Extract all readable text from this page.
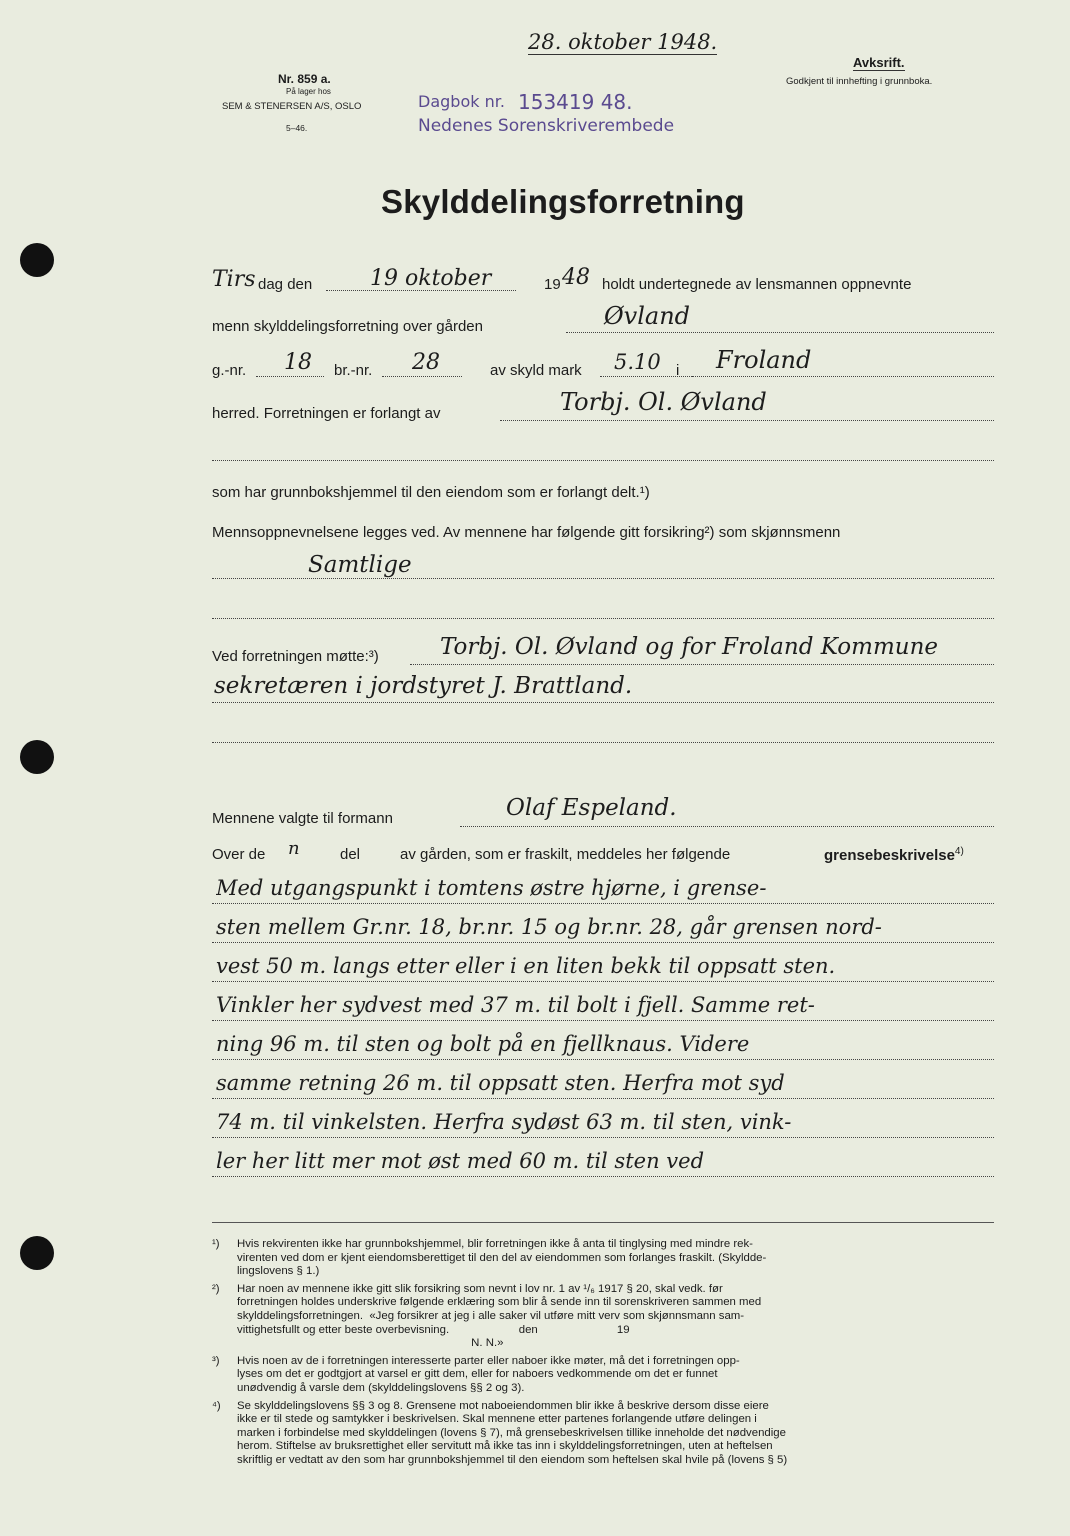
28. oktober 1948.
Nr. 859 a.
På lager hos
SEM & STENERSEN A/S, OSLO
5–46.
Dagbok nr. 153419 48.
Nedenes Sorenskriverembede
Avksrift.
Godkjent til innhefting i grunnboka.
Skylddelingsforretning
Tirs dag den	19 oktober	19 48 holdt undertegnede av lensmannen oppnevnte
menn skylddelingsforretning over gården	Øvland
g.-nr. 18 br.-nr. 28	av skyld mark 5.10 i Froland
herred. Forretningen er forlangt av	Torbj. Ol. Øvland
som har grunnbokshjemmel til den eiendom som er forlangt delt.¹)
Mennsoppnevnelsene legges ved. Av mennene har følgende gitt forsikring²) som skjønnsmenn
Samtlige
Ved forretningen møtte:³)	Torbj. Ol. Øvland og for Froland Kommune
sekretæren i jordstyret J. Brattland.
Mennene valgte til formann	Olaf Espeland.
Over de n	del	av gården, som er fraskilt, meddeles her følgende	grensebeskrivelse$^{4)}$
Med utgangspunkt i tomtens østre hjørne, i grense-
sten mellem Gr.nr. 18, br.nr. 15 og br.nr. 28, går grensen nord-
vest 50 m. langs etter eller i en liten bekk til oppsatt sten.
Vinkler her sydvest med 37 m. til bolt i fjell. Samme ret-
ning 96 m. til sten og bolt på en fjellknaus. Videre
samme retning 26 m. til oppsatt sten. Herfra mot syd
74 m. til vinkelsten. Herfra sydøst 63 m. til sten, vink-
ler her litt mer mot øst med 60 m. til sten ved
¹) Hvis rekvirenten ikke har grunnbokshjemmel, blir forretningen ikke å anta til tinglysing med mindre rek-
virenten ved dom er kjent eiendomsberettiget til den del av eiendommen som forlanges fraskilt. (Skyldde-
lingslovens § 1.)
²) Har noen av mennene ikke gitt slik forsikring som nevnt i lov nr. 1 av ¹/₆ 1917 § 20, skal vedk. før
forretningen holdes underskrive følgende erklæring som blir å sende inn til sorenskriveren sammen med
skylddelingsforretningen.  «Jeg forsikrer at jeg i alle saker vil utføre mitt verv som skjønnsmann sam-
vittighetsfullt og etter beste overbevisning.                      den                         19
N. N.»
³) Hvis noen av de i forretningen interesserte parter eller naboer ikke møter, må det i forretningen opp-
lyses om det er godtgjort at varsel er gitt dem, eller for naboers vedkommende om det er funnet
unødvendig å varsle dem (skylddelingslovens §§ 2 og 3).
⁴) Se skylddelingslovens §§ 3 og 8. Grensene mot naboeiendommen blir ikke å beskrive dersom disse eiere
ikke er til stede og samtykker i beskrivelsen. Skal mennene etter partenes forlangende utføre delingen i
marken i forbindelse med skylddelingen (lovens § 7), må grensebeskrivelsen tillike inneholde det nødvendige
herom. Stiftelse av bruksrettighet eller servitutt må ikke tas inn i skylddelingsforretningen, uten at heftelsen
skriftlig er vedtatt av den som har grunnbokshjemmel til den eiendom som heftelsen skal hvile på (lovens § 5)
